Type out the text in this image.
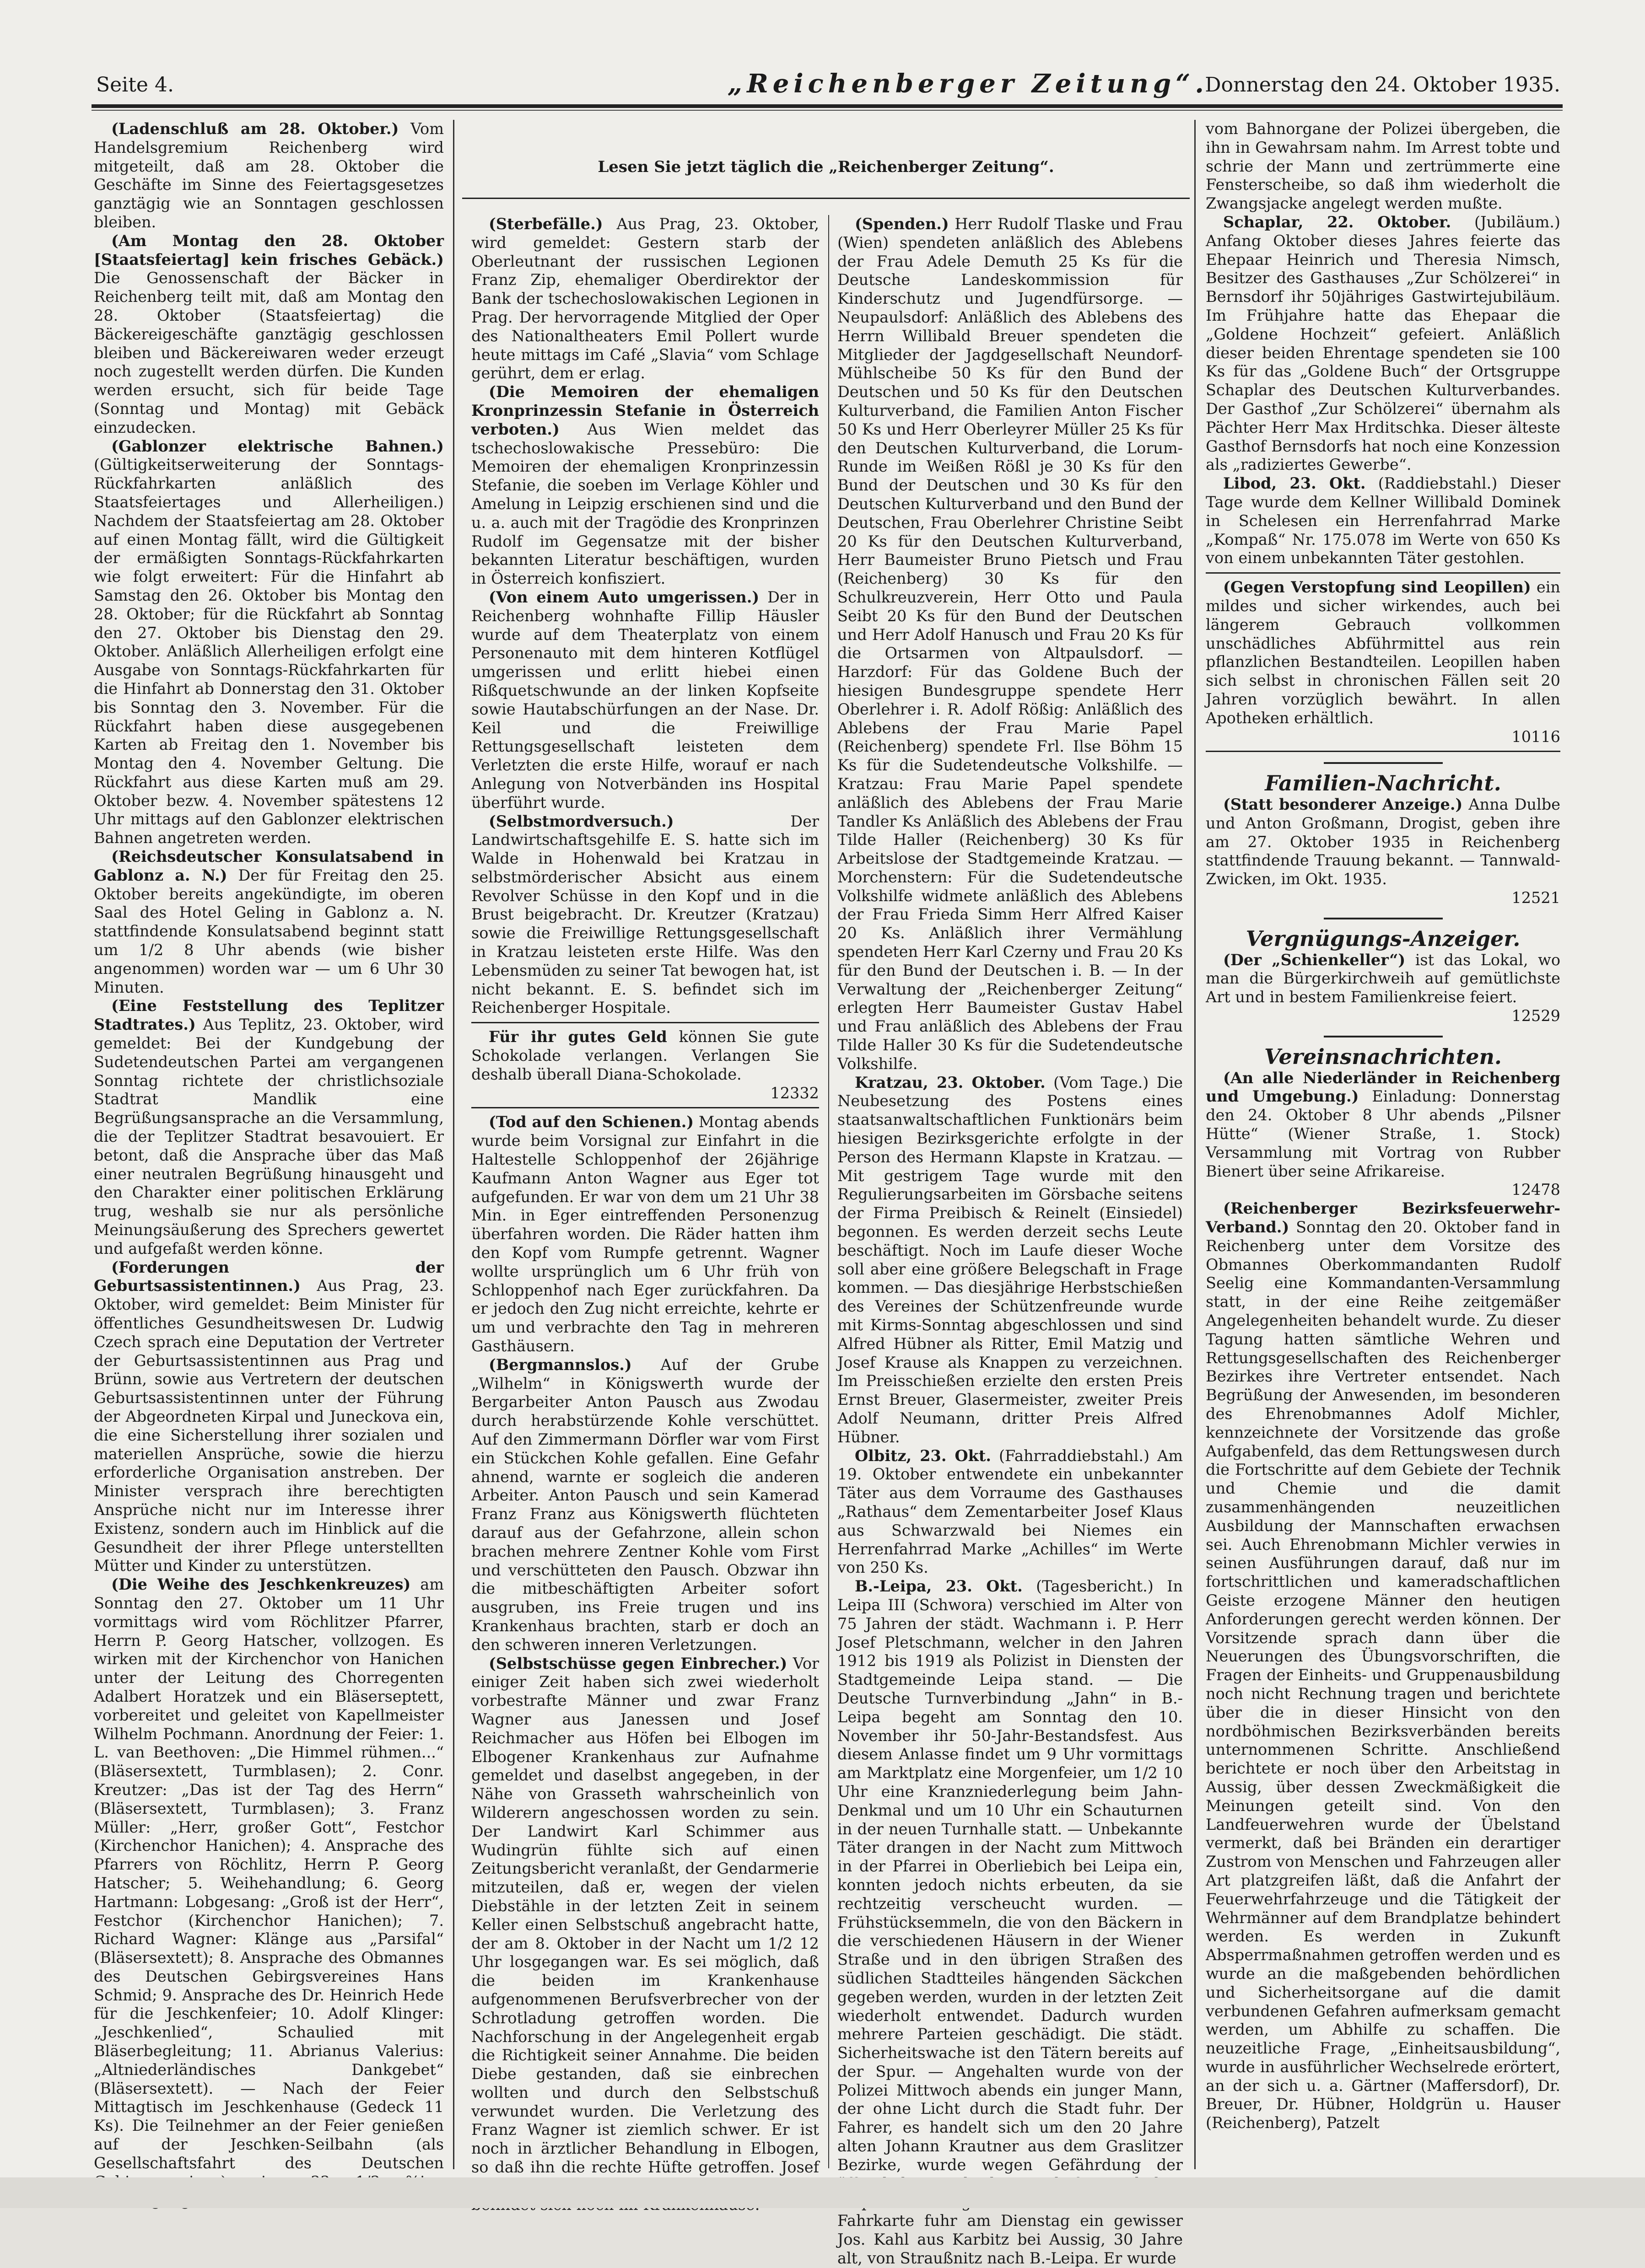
Seite 4.	„Reichenberger Zeitung“.
Donnerstag den 24. Oktober 1935.
Lesen Sie jetzt täglich die „Reichenberger Zeitung“.

(Ladenschluß am 28. Oktober.) Vom Handelsgremium Reichenberg wird mitgeteilt, daß am 28. Oktober die Geschäfte im Sinne des Feiertagsgesetzes ganztägig wie an Sonntagen geschlossen bleiben.

(Am Montag den 28. Oktober [Staatsfeiertag] kein frisches Gebäck.) Die Genossenschaft der Bäcker in Reichenberg teilt mit, daß am Montag den 28. Oktober (Staatsfeiertag) die Bäckereigeschäfte ganztägig geschlossen bleiben und Bäckereiwaren weder erzeugt noch zugestellt werden dürfen. Die Kunden werden ersucht, sich für beide Tage (Sonntag und Montag) mit Gebäck einzudecken.

(Gablonzer elektrische Bahnen.) (Gültigkeitserweiterung der Sonntags-Rückfahrkarten anläßlich des Staatsfeiertages und Allerheiligen.) Nachdem der Staatsfeiertag am 28. Oktober auf einen Montag fällt, wird die Gültigkeit der ermäßigten Sonntags-Rückfahrkarten wie folgt erweitert: Für die Hinfahrt ab Samstag den 26. Oktober bis Montag den 28. Oktober; für die Rückfahrt ab Sonntag den 27. Oktober bis Dienstag den 29. Oktober. Anläßlich Allerheiligen erfolgt eine Ausgabe von Sonntags-Rückfahrkarten für die Hinfahrt ab Donnerstag den 31. Oktober bis Sonntag den 3. November. Für die Rückfahrt haben diese ausgegebenen Karten ab Freitag den 1. November bis Montag den 4. November Geltung. Die Rückfahrt aus diese Karten muß am 29. Oktober bezw. 4. November spätestens 12 Uhr mittags auf den Gablonzer elektrischen Bahnen angetreten werden.

(Reichsdeutscher Konsulatsabend in Gablonz a. N.) Der für Freitag den 25. Oktober bereits angekündigte, im oberen Saal des Hotel Geling in Gablonz a. N. stattfindende Konsulatsabend beginnt statt um 1/2 8 Uhr abends (wie bisher angenommen) worden war — um 6 Uhr 30 Minuten.

(Eine Feststellung des Teplitzer Stadtrates.) Aus Teplitz, 23. Oktober, wird gemeldet: Bei der Kundgebung der Sudetendeutschen Partei am vergangenen Sonntag richtete der christlichsoziale Stadtrat Mandlik eine Begrüßungsansprache an die Versammlung, die der Teplitzer Stadtrat besavouiert. Er betont, daß die Ansprache über das Maß einer neutralen Begrüßung hinausgeht und den Charakter einer politischen Erklärung trug, weshalb sie nur als persönliche Meinungsäußerung des Sprechers gewertet und aufgefaßt werden könne.

(Forderungen der Geburtsassistentinnen.) Aus Prag, 23. Oktober, wird gemeldet: Beim Minister für öffentliches Gesundheitswesen Dr. Ludwig Czech sprach eine Deputation der Vertreter der Geburtsassistentinnen aus Prag und Brünn, sowie aus Vertretern der deutschen Geburtsassistentinnen unter der Führung der Abgeordneten Kirpal und Juneckova ein, die eine Sicherstellung ihrer sozialen und materiellen Ansprüche, sowie die hierzu erforderliche Organisation anstreben. Der Minister versprach ihre berechtigten Ansprüche nicht nur im Interesse ihrer Existenz, sondern auch im Hinblick auf die Gesundheit der ihrer Pflege unterstellten Mütter und Kinder zu unterstützen.

(Die Weihe des Jeschkenkreuzes) am Sonntag den 27. Oktober um 11 Uhr vormittags wird vom Röchlitzer Pfarrer, Herrn P. Georg Hatscher, vollzogen. Es wirken mit der Kirchenchor von Hanichen unter der Leitung des Chorregenten Adalbert Horatzek und ein Bläserseptett, vorbereitet und geleitet von Kapellmeister Wilhelm Pochmann. Anordnung der Feier: 1. L. van Beethoven: „Die Himmel rühmen...“ (Bläsersextett, Turmblasen); 2. Conr. Kreutzer: „Das ist der Tag des Herrn“ (Bläsersextett, Turmblasen); 3. Franz Müller: „Herr, großer Gott“, Festchor (Kirchenchor Hanichen); 4. Ansprache des Pfarrers von Röchlitz, Herrn P. Georg Hatscher; 5. Weihehandlung; 6. Georg Hartmann: Lobgesang: „Groß ist der Herr“, Festchor (Kirchenchor Hanichen); 7. Richard Wagner: Klänge aus „Parsifal“ (Bläsersextett); 8. Ansprache des Obmannes des Deutschen Gebirgsvereines Hans Schmid; 9. Ansprache des Dr. Heinrich Hede für die Jeschkenfeier; 10. Adolf Klinger: „Jeschkenlied“, Schaulied mit Bläserbegleitung; 11. Abrianus Valerius: „Altniederländisches Dankgebet“ (Bläsersextett). — Nach der Feier Mittagtisch im Jeschkenhause (Gedeck 11 Ks). Die Teilnehmer an der Feier genießen auf der Jeschken-Seilbahn (als Gesellschaftsfahrt des Deutschen

(Sterbefälle.) Aus Prag, 23. Oktober, wird gemeldet: Gestern starb der Oberleutnant der russischen Legionen Franz Zip, ehemaliger Oberdirektor der Bank der tschechoslowakischen Legionen in Prag. Der hervorragende Mitglied der Oper des Nationaltheaters Emil Pollert wurde heute mittags im Café „Slavia“ vom Schlage gerührt, dem er erlag.

(Die Memoiren der ehemaligen Kronprinzessin Stefanie in Österreich verboten.) Aus Wien meldet das tschechoslowakische Pressebüro: Die Memoiren der ehemaligen Kronprinzessin Stefanie, die soeben im Verlage Köhler und Amelung in Leipzig erschienen sind und die u. a. auch mit der Tragödie des Kronprinzen Rudolf im Gegensatze mit der bisher bekannten Literatur beschäftigen, wurden in Österreich konfisziert.

(Von einem Auto umgerissen.) Der in Reichenberg wohnhafte Fillip Häusler wurde auf dem Theaterplatz von einem Personenauto mit dem hinteren Kotflügel umgerissen und erlitt hiebei einen Rißquetschwunde an der linken Kopfseite sowie Hautabschürfungen an der Nase. Dr. Keil und die Freiwillige Rettungsgesellschaft leisteten dem Verletzten die erste Hilfe, worauf er nach Anlegung von Notverbänden ins Hospital überführt wurde.

(Selbstmordversuch.) Der Landwirtschaftsgehilfe E. S. hatte sich im Walde in Hohenwald bei Kratzau in selbstmörderischer Absicht aus einem Revolver Schüsse in den Kopf und in die Brust beigebracht. Dr. Kreutzer (Kratzau) sowie die Freiwillige Rettungsgesellschaft in Kratzau leisteten erste Hilfe. Was den Lebensmüden zu seiner Tat bewogen hat, ist nicht bekannt. E. S. befindet sich im Reichenberger Hospitale.

Für ihr gutes Geld können Sie gute Schokolade verlangen. Verlangen Sie deshalb überall Diana-Schokolade.

12332

(Tod auf den Schienen.) Montag abends wurde beim Vorsignal zur Einfahrt in die Haltestelle Schloppenhof der 26jährige Kaufmann Anton Wagner aus Eger tot aufgefunden. Er war von dem um 21 Uhr 38 Min. in Eger eintreffenden Personenzug überfahren worden. Die Räder hatten ihm den Kopf vom Rumpfe getrennt. Wagner wollte ursprünglich um 6 Uhr früh von Schloppenhof nach Eger zurückfahren. Da er jedoch den Zug nicht erreichte, kehrte er um und verbrachte den Tag in mehreren Gasthäusern.

(Bergmannslos.) Auf der Grube „Wilhelm“ in Königswerth wurde der Bergarbeiter Anton Pausch aus Zwodau durch herabstürzende Kohle verschüttet. Auf den Zimmermann Dörfler war vom First ein Stückchen Kohle gefallen. Eine Gefahr ahnend, warnte er sogleich die anderen Arbeiter. Anton Pausch und sein Kamerad Franz Franz aus Königswerth flüchteten darauf aus der Gefahrzone, allein schon brachen mehrere Zentner Kohle vom First und verschütteten den Pausch. Obzwar ihn die mitbeschäftigten Arbeiter sofort ausgruben, ins Freie trugen und ins Krankenhaus brachten, starb er doch an den schweren inneren Verletzungen.

(Selbstschüsse gegen Einbrecher.) Vor einiger Zeit haben sich zwei wiederholt vorbestrafte Männer und zwar Franz Wagner aus Janessen und Josef Reichmacher aus Höfen bei Elbogen im Elbogener Krankenhaus zur Aufnahme gemeldet und daselbst angegeben, in der Nähe von Grasseth wahrscheinlich von Wilderern angeschossen worden zu sein. Der Landwirt Karl Schimmer aus Wudingrün fühlte sich auf einen Zeitungsbericht veranlaßt, der Gendarmerie mitzuteilen, daß er, wegen der vielen Diebstähle in der letzten Zeit in seinem Keller einen Selbstschuß angebracht hatte, der am 8. Oktober in der Nacht um 1/2 12 Uhr losgegangen war. Es sei möglich, daß die beiden im Krankenhause aufgenommenen Berufsverbrecher von der Schrotladung getroffen worden. Die Nachforschung in der Angelegenheit ergab die Richtigkeit seiner Annahme. Die beiden Diebe gestanden, daß sie einbrechen wollten und durch den Selbstschuß verwundet wurden. Die Verletzung des Franz Wagner ist ziemlich schwer. Er ist noch in ärztlicher Behandlung in Elbogen, so daß ihn die rechte Hüfte getroffen. Josef

(Spenden.) Herr Rudolf Tlaske und Frau (Wien) spendeten anläßlich des Ablebens der Frau Adele Demuth 25 Ks für die Deutsche Landeskommission für Kinderschutz und Jugendfürsorge. — Neupaulsdorf: Anläßlich des Ablebens des Herrn Willibald Breuer spendeten die Mitglieder der Jagdgesellschaft Neundorf-Mühlscheibe 50 Ks für den Bund der Deutschen und 50 Ks für den Deutschen Kulturverband, die Familien Anton Fischer 50 Ks und Herr Oberleyrer Müller 25 Ks für den Deutschen Kulturverband, die Lorum-Runde im Weißen Rößl je 30 Ks für den Bund der Deutschen und 30 Ks für den Deutschen Kulturverband und den Bund der Deutschen, Frau Oberlehrer Christine Seibt 20 Ks für den Deutschen Kulturverband, Herr Baumeister Bruno Pietsch und Frau (Reichenberg) 30 Ks für den Schulkreuzverein, Herr Otto und Paula Seibt 20 Ks für den Bund der Deutschen und Herr Adolf Hanusch und Frau 20 Ks für die Ortsarmen von Altpaulsdorf. — Harzdorf: Für das Goldene Buch der hiesigen Bundesgruppe spendete Herr Oberlehrer i. R. Adolf Rößig: Anläßlich des Ablebens der Frau Marie Papel (Reichenberg) spendete Frl. Ilse Böhm 15 Ks für die Sudetendeutsche Volkshilfe. — Kratzau: Frau Marie Papel spendete anläßlich des Ablebens der Frau Marie Tandler Ks Anläßlich des Ablebens der Frau Tilde Haller (Reichenberg) 30 Ks für Arbeitslose der Stadtgemeinde Kratzau. — Morchenstern: Für die Sudetendeutsche Volkshilfe widmete anläßlich des Ablebens der Frau Frieda Simm Herr Alfred Kaiser 20 Ks. Anläßlich ihrer Vermählung spendeten Herr Karl Czerny und Frau 20 Ks für den Bund der Deutschen i. B. — In der Verwaltung der „Reichenberger Zeitung“ erlegten Herr Baumeister Gustav Habel und Frau anläßlich des Ablebens der Frau Tilde Haller 30 Ks für die Sudetendeutsche Volkshilfe.

Kratzau, 23. Oktober. (Vom Tage.) Die Neubesetzung des Postens eines staatsanwaltschaftlichen Funktionärs beim hiesigen Bezirksgerichte erfolgte in der Person des Hermann Klapste in Kratzau. — Mit gestrigem Tage wurde mit den Regulierungsarbeiten im Görsbache seitens der Firma Preibisch & Reinelt (Einsiedel) begonnen. Es werden derzeit sechs Leute beschäftigt. Noch im Laufe dieser Woche soll aber eine größere Belegschaft in Frage kommen. — Das diesjährige Herbstschießen des Vereines der Schützenfreunde wurde mit Kirms-Sonntag abgeschlossen und sind Alfred Hübner als Ritter, Emil Matzig und Josef Krause als Knappen zu verzeichnen. Im Preisschießen erzielte den ersten Preis Ernst Breuer, Glasermeister, zweiter Preis Adolf Neumann, dritter Preis Alfred Hübner.

Olbitz, 23. Okt. (Fahrraddiebstahl.) Am 19. Oktober entwendete ein unbekannter Täter aus dem Vorraume des Gasthauses „Rathaus“ dem Zementarbeiter Josef Klaus aus Schwarzwald bei Niemes ein Herrenfahrrad Marke „Achilles“ im Werte von 250 Ks.

B.-Leipa, 23. Okt. (Tagesbericht.) In Leipa III (Schwora) verschied im Alter von 75 Jahren der städt. Wachmann i. P. Herr Josef Pletschmann, welcher in den Jahren 1912 bis 1919 als Polizist in Diensten der Stadtgemeinde Leipa stand. — Die Deutsche Turnverbindung „Jahn“ in B.-Leipa begeht am Sonntag den 10. November ihr 50-Jahr-Bestandsfest. Aus diesem Anlasse findet um 9 Uhr vormittags am Marktplatz eine Morgenfeier, um 1/2 10 Uhr eine Kranzniederlegung beim Jahn-Denkmal und um 10 Uhr ein Schauturnen in der neuen Turnhalle statt. — Unbekannte Täter drangen in der Nacht zum Mittwoch in der Pfarrei in Oberliebich bei Leipa ein, konnten jedoch nichts erbeuten, da sie rechtzeitig verscheucht wurden. — Frühstücksemmeln, die von den Bäckern in die verschiedenen Häusern in der Wiener Straße und in den übrigen Straßen des südlichen Stadtteiles hängenden Säckchen gegeben werden, wurden in der letzten Zeit wiederholt entwendet. Dadurch wurden mehrere Parteien geschädigt. Die städt. Sicherheitswache ist den Tätern bereits auf der Spur. — Angehalten wurde von der Polizei Mittwoch abends ein junger Mann, der ohne Licht durch die Stadt fuhr. Der Fahrer, es handelt sich um den 20 Jahre alten Johann Krautner aus dem Graslitzer Bezirke, wurde wegen Gefährdung der Fahrkarte fuhr am Dienstag ein gewisser Jos. Kahl aus Karbitz bei Aussig, 30 Jahre alt, von Straußnitz nach B.-Leipa. Er wurde

vom Bahnorgane der Polizei übergeben, die ihn in Gewahrsam nahm. Im Arrest tobte und schrie der Mann und zertrümmerte eine Fensterscheibe, so daß ihm wiederholt die Zwangsjacke angelegt werden mußte.

Schaplar, 22. Oktober. (Jubiläum.) Anfang Oktober dieses Jahres feierte das Ehepaar Heinrich und Theresia Nimsch, Besitzer des Gasthauses „Zur Schölzerei“ in Bernsdorf ihr 50jähriges Gastwirtejubiläum. Im Frühjahre hatte das Ehepaar die „Goldene Hochzeit“ gefeiert. Anläßlich dieser beiden Ehrentage spendeten sie 100 Ks für das „Goldene Buch“ der Ortsgruppe Schaplar des Deutschen Kulturverbandes. Der Gasthof „Zur Schölzerei“ übernahm als Pächter Herr Max Hrditschka. Dieser älteste Gasthof Bernsdorfs hat noch eine Konzession als „radiziertes Gewerbe“.

Libod, 23. Okt. (Raddiebstahl.) Dieser Tage wurde dem Kellner Willibald Dominek in Schelesen ein Herrenfahrrad Marke „Kompaß“ Nr. 175.078 im Werte von 650 Ks von einem unbekannten Täter gestohlen.

(Gegen Verstopfung sind Leopillen) ein mildes und sicher wirkendes, auch bei längerem Gebrauch vollkommen unschädliches Abführmittel aus rein pflanzlichen Bestandteilen. Leopillen haben sich selbst in chronischen Fällen seit 20 Jahren vorzüglich bewährt. In allen Apotheken erhältlich.

10116

Familien-Nachricht.

(Statt besonderer Anzeige.) Anna Dulbe und Anton Großmann, Drogist, geben ihre am 27. Oktober 1935 in Reichenberg stattfindende Trauung bekannt. — Tannwald-Zwicken, im Okt. 1935.

12521

Vergnügungs-Anzeiger.

(Der „Schienkeller“) ist das Lokal, wo man die Bürgerkirchweih auf gemütlichste Art und in bestem Familienkreise feiert.

12529

Vereinsnachrichten.

(An alle Niederländer in Reichenberg und Umgebung.) Einladung: Donnerstag den 24. Oktober 8 Uhr abends „Pilsner Hütte“ (Wiener Straße, 1. Stock) Versammlung mit Vortrag von Rubber Bienert über seine Afrikareise.

12478

(Reichenberger Bezirksfeuerwehr-Verband.) Sonntag den 20. Oktober fand in Reichenberg unter dem Vorsitze des Obmannes Oberkommandanten Rudolf Seelig eine Kommandanten-Versammlung statt, in der eine Reihe zeitgemäßer Angelegenheiten behandelt wurde. Zu dieser Tagung hatten sämtliche Wehren und Rettungsgesellschaften des Reichenberger Bezirkes ihre Vertreter entsendet. Nach Begrüßung der Anwesenden, im besonderen des Ehrenobmannes Adolf Michler, kennzeichnete der Vorsitzende das große Aufgabenfeld, das dem Rettungswesen durch die Fortschritte auf dem Gebiete der Technik und Chemie und die damit zusammenhängenden neuzeitlichen Ausbildung der Mannschaften erwachsen sei. Auch Ehrenobmann Michler verwies in seinen Ausführungen darauf, daß nur im fortschrittlichen und kameradschaftlichen Geiste erzogene Männer den heutigen Anforderungen gerecht werden können. Der Vorsitzende sprach dann über die Neuerungen des Übungsvorschriften, die Fragen der Einheits- und Gruppenausbildung noch nicht Rechnung tragen und berichtete über die in dieser Hinsicht von den nordböhmischen Bezirksverbänden bereits unternommenen Schritte. Anschließend berichtete er noch über den Arbeitstag in Aussig, über dessen Zweckmäßigkeit die Meinungen geteilt sind. Von den Landfeuerwehren wurde der Übelstand vermerkt, daß bei Bränden ein derartiger Zustrom von Menschen und Fahrzeugen aller Art platzgreifen läßt, daß die Anfahrt der Feuerwehrfahrzeuge und die Tätigkeit der Wehrmänner auf dem Brandplatze behindert werden. Es werden in Zukunft Absperrmaßnahmen getroffen werden und es wurde an die maßgebenden behördlichen und Sicherheitsorgane auf die damit verbundenen Gefahren aufmerksam gemacht werden, um Abhilfe zu schaffen. Die neuzeitliche Frage, „Einheitsausbildung“, wurde in ausführlicher Wechselrede erörtert, an der sich u. a. Gärtner (Maffersdorf), Dr. Breuer, Dr. Hübner, Holdgrün u. Hauser (Reichenberg), Patzelt
